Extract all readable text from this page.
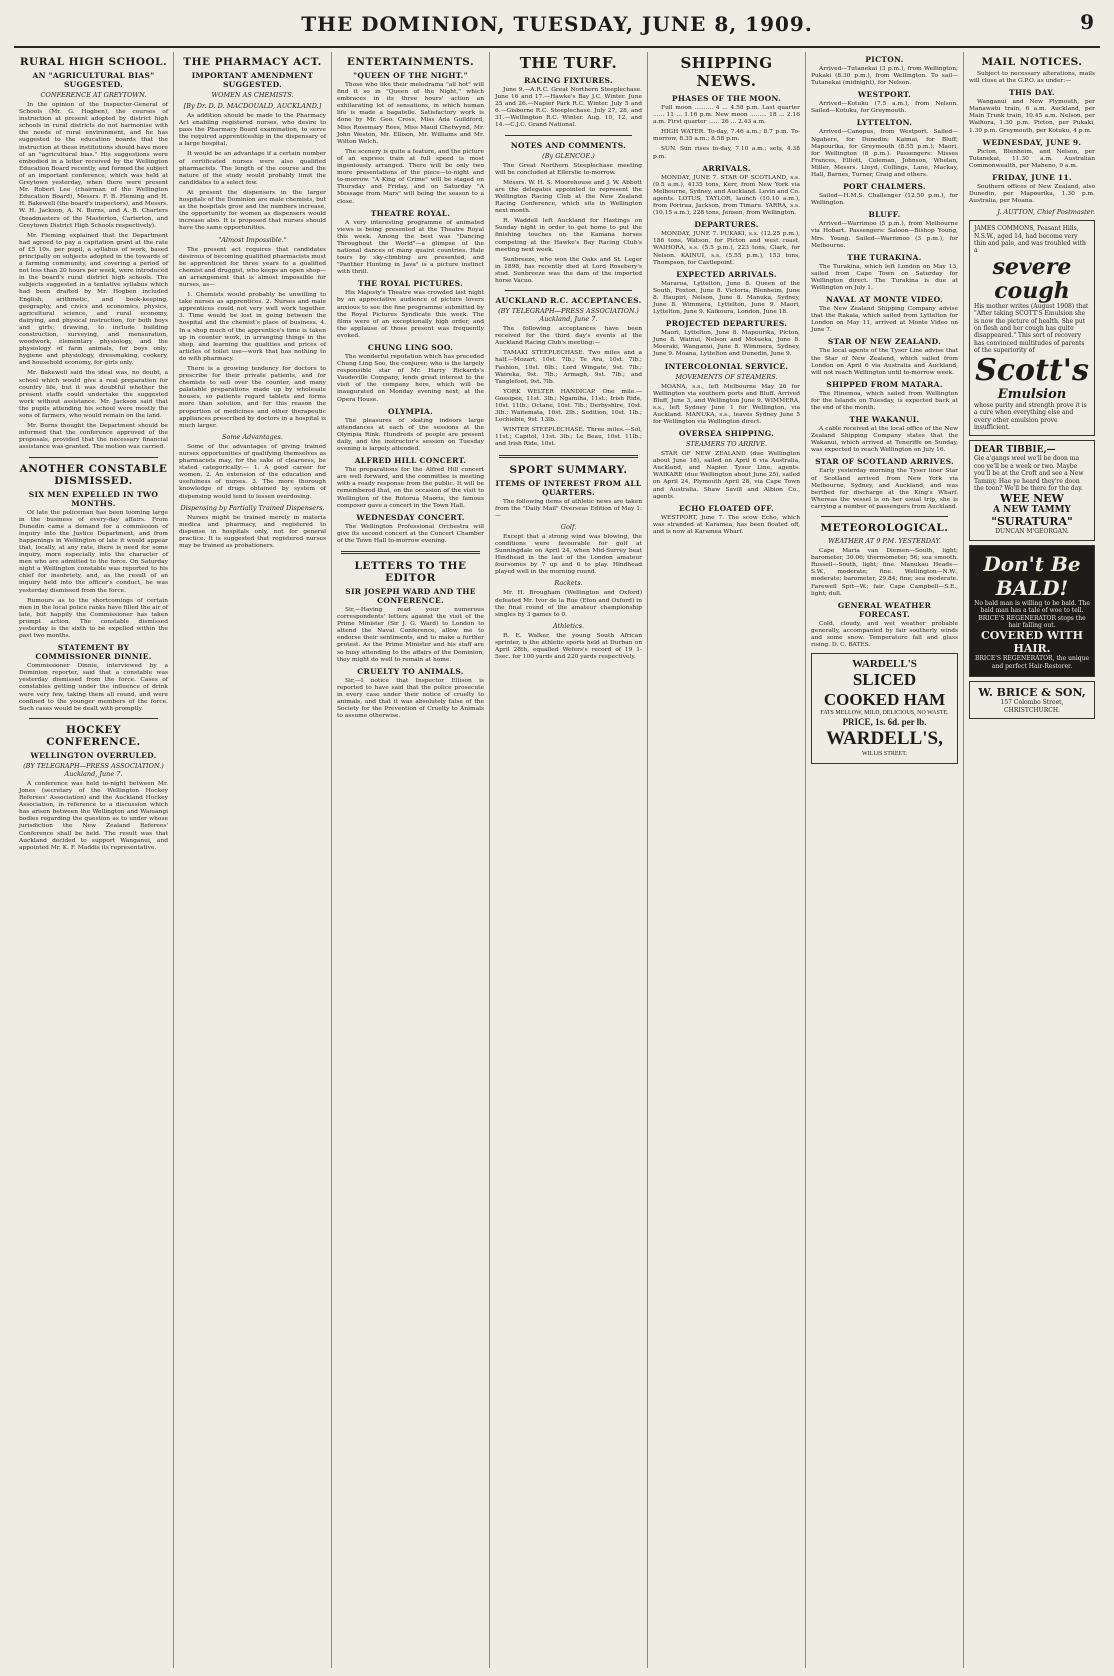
THE DOMINION, TUESDAY, JUNE 8, 1909.	9
RURAL HIGH SCHOOL.
AN "AGRICULTURAL BIAS" SUGGESTED.
CONFERENCE AT GREYTOWN.

In the opinion of the Inspector-General of Schools (Mr. G. Hogben), the courses of instruction at present adopted by district high schools in rural districts do not harmonise with the needs of rural environment, and he has suggested to the education boards that the instruction at these institutions should have more of an "agricultural bias." His suggestions were embodied in a letter received by the Wellington Education Board recently, and formed the subject of an important conference, which was held at Greytown yesterday, when there were present Mr. Robert Lee (chairman of the Wellington Education Board), Messrs. F. B. Fleming and H. H. Bakewell (the board's inspectors), and Messrs. W. H. Jackson, A. N. Burns, and A. B. Charters (headmasters of the Masterton, Carterton, and Greytown District High Schools respectively).

Mr. Fleming explained that the Department had agreed to pay a capitation grant at the rate of £5 10s. per pupil, a syllabus of work, based principally on subjects adopted in the towards of a farming community, and covering a period of not less than 20 hours per week, were introduced in the board's rural district high schools. The subjects suggested in a tentative syllabus which had been drafted by Mr. Hogben included English, arithmetic, and book-keeping, geography, and civics and economics, physics, agricultural science, and rural economy, dairying, and physical instruction, for both boys and girls; drawing, to include building construction, surveying, and mensuration, woodwork, elementary physiology, and the physiology of farm animals, for boys only; hygiene and physiology, dressmaking, cookery, and household economy, for girls only.

Mr. Bakewell said the ideal was, no doubt, a school which would give a real preparation for country life, but it was doubtful whether the present staffs could undertake the suggested work without assistance. Mr. Jackson said that the pupils attending his school were mostly the sons of farmers, who would remain on the land.

Mr. Burns thought the Department should be informed that the conference approved of the proposals, provided that the necessary financial assistance was granted. The motion was carried.

ANOTHER CONSTABLE DISMISSED.
SIX MEN EXPELLED IN TWO MONTHS.

Of late the policeman has been looming large in the business of every-day affairs. From Dunedin came a demand for a commission of inquiry into the Justice Department, and from happenings in Wellington of late it would appear that, locally, at any rate, there is need for some inquiry, more especially into the character of men who are admitted to the force. On Saturday night a Wellington constable was reported to his chief for insobriety, and, as the result of an inquiry held into the officer's conduct, he was yesterday dismissed from the force.

Rumours as to the shortcomings of certain men in the local police ranks have filled the air of late, but happily the Commissioner has taken prompt action. The constable dismissed yesterday is the sixth to be expelled within the past two months.

STATEMENT BY COMMISSIONER DINNIE.

Commissioner Dinnie, interviewed by a Dominion reporter, said that a constable was yesterday dismissed from the force. Cases of constables getting under the influence of drink were very few, taking them all round, and were confined to the younger members of the force. Such cases would be dealt with promptly.

HOCKEY CONFERENCE.
WELLINGTON OVERRULED.
(BY TELEGRAPH—PRESS ASSOCIATION.) Auckland, June 7.

A conference was held to-night between Mr. Jones (secretary of the Wellington Hockey Referees' Association) and the Auckland Hockey Association, in reference to a discussion which has arisen between the Wellington and Waiuangi bodies regarding the question as to under whose jurisdiction the New Zealand Referees' Conference shall be held. The result was that Auckland decided to support Wanganui, and appointed Mr. K. F. Maddis its representative.

THE PHARMACY ACT.
IMPORTANT AMENDMENT SUGGESTED.
WOMEN AS CHEMISTS.
[By Dr. D. D. MACDOUALD, AUCKLAND.]

As addition should be made to the Pharmacy Act enabling registered nurses, who desire to pass the Pharmacy Board examination, to serve the required apprenticeship in the dispensary of a large hospital.

It would be an advantage if a certain number of certificated nurses were also qualified pharmacists. The length of the course and the nature of the study would probably limit the candidates to a select few.

At present the dispensers in the larger hospitals of the Dominion are male chemists, but as the hospitals grow and the numbers increase, the opportunity for women as dispensers would increase also. It is proposed that nurses should have the same opportunities.

"Almost Impossible."

The present act requires that candidates desirous of becoming qualified pharmacists must be apprenticed for three years to a qualified chemist and druggist, who keeps an open shop—an arrangement that is almost impossible for nurses, as—

1. Chemists would probably be unwilling to take nurses as apprentices. 2. Nurses and male apprentices could not very well work together. 3. Time would be lost in going between the hospital and the chemist's place of business. 4. In a shop much of the apprentice's time is taken up in counter work, in arranging things in the shop, and learning the qualities and prices of articles of toilet use—work that has nothing to do with pharmacy.

There is a growing tendency for doctors to prescribe for their private patients, and for chemists to sell over the counter, and many palatable preparations made up by wholesale houses, so patients regard tablets and forms more than solution, and for this reason the proportion of medicines and other therapeutic appliances prescribed by doctors in a hospital is much larger.

Some Advantages.

Some of the advantages of giving trained nurses opportunities of qualifying themselves as pharmacists may, for the sake of clearness, be stated categorically:— 1. A good career for women. 2. An extension of the education and usefulness of nurses. 3. The more thorough knowledge of drugs obtained by system of dispensing would tend to lessen overdosing.

Dispensing by Partially Trained Dispensers.

Nurses might be trained merely in materia medica and pharmacy, and registered to dispense in hospitals only, not for general practice. It is suggested that registered nurses may be trained as probationers.

ENTERTAINMENTS.
"QUEEN OF THE NIGHT."

Those who like their melodrama "all hot" will find it so in "Queen of the Night," which embraces in its three hours' action an exhilarating lot of sensations, in which human life is made a bagatelle. Satisfactory work is done by Mr. Geo. Cross, Miss Ada Guildford, Miss Rosemary Rees, Miss Maud Chetwynd, Mr. John Weston, Mr. Ellison, Mr. Williams and Mr. Wilton Welch.

The scenery is quite a feature, and the picture of an express train at full speed is most ingeniously arranged. There will be only two more presentations of the piece—to-night and to-morrow. "A King of Crime" will be staged on Thursday and Friday, and on Saturday "A Message from Mars" will being the season to a close.

THEATRE ROYAL.

A very interesting programme of animated views is being presented at the Theatre Royal this week. Among the best was "Dancing Throughout the World"—a glimpse of the national dances of many quaint countries. Hale tours by sky-climbing are presented, and "Panther Hunting in Java" is a picture instinct with thrill.

THE ROYAL PICTURES.

His Majesty's Theatre was crowded last night by an appreciative audience of picture lovers anxious to see the fine programme submitted by the Royal Pictures Syndicate this week. The films were of an exceptionally high order, and the applause of those present was frequently evoked.

CHUNG LING SOO.

The wonderful reputation which has preceded Chung Ling Soo, the conjurer, who is the largely responsible star of Mr. Harry Rickards's Vaudeville Company, lends great interest to the visit of the company here, which will be inaugurated on Monday evening next, at the Opera House.

OLYMPIA.

The pleasures of skating indoors large attendances at each of the sessions at the Olympia Rink. Hundreds of people are present daily, and the instructor's session on Tuesday evening is largely attended.

ALFRED HILL CONCERT.

The preparations for the Alfred Hill concert are well forward, and the committee is meeting with a ready response from the public. It will be remembered that, on the occasion of the visit to Wellington of the Rotorua Maoris, the famous composer gave a concert in the Town Hall.

WEDNESDAY CONCERT.

The Wellington Professional Orchestra will give its second concert at the Concert Chamber of the Town Hall to-morrow evening.

LETTERS TO THE EDITOR
SIR JOSEPH WARD AND THE CONFERENCE.

Sir,—Having read your numerous correspondents' letters against the visit of the Prime Minister (Sir J. G. Ward) to London to attend the Naval Conference, allow me to endorse their sentiments, and to make a further protest. As the Prime Minister and his staff are so busy attending to the affairs of the Dominion, they might do well to remain at home.

CRUELTY TO ANIMALS.

Sir,—I notice that Inspector Ellison is reported to have said that the police prosecute in every case under their notice of cruelty to animals, and that it was absolutely false of the Society for the Prevention of Cruelty to Animals to assume otherwise.

THE TURF.
RACING FIXTURES.

June 9.—A.R.C. Great Northern Steeplechase. June 16 and 17.—Hawke's Bay J.C. Winter. June 25 and 26.—Napier Park R.C. Winter. July 5 and 6.—Gisborne R.C. Steeplechase. July 27, 28, and 31.—Wellington R.C. Winter. Aug. 10, 12, and 14.—C.J.C. Grand National.

NOTES AND COMMENTS.
(By GLENCOE.)

The Great Northern Steeplechase meeting will be concluded at Ellerslie to-morrow.

Messrs. W. H. S. Moorehouse and J. W. Abbott are the delegates appointed to represent the Wellington Racing Club at the New Zealand Racing Conference, which sits in Wellington next month.

R. Waddell left Auckland for Hastings on Sunday night in order to get home to put the finishing touches on the Kamana horses competing at the Hawke's Bay Racing Club's meeting next week.

Sunbreeze, who won the Oaks and St. Leger in 1898, has recently died at Lord Rosebery's stud. Sunbreeze was the dam of the imported horse Vacuo.

AUCKLAND R.C. ACCEPTANCES.
(BY TELEGRAPH—PRESS ASSOCIATION.) Auckland, June 7.

The following acceptances have been received for the third day's events at the Auckland Racing Club's meeting:—

TAMAKI STEEPLECHASE. Two miles and a half.—Mozart, 10st. 7lb.; Te Ara, 10st. 7lb.; Fashion, 10st. 6lb.; Lord Wingate, 9st. 7lb.; Waireka, 9st. 7lb.; Armagh, 9st. 7lb.; and Tanglefoot, 9st. 7lb.

YORK WELTER HANDICAP. One mile.—Gossipee, 11st. 3lb.; Ngamiha, 11st.; Irish Ride, 10st. 11lb.; Octane, 10st. 7lb.; Derbyshire, 10st. 3lb.; Waitemata, 10st. 2lb.; Sedition, 10st. 1lb.; Lochiebie, 9st. 13lb.

WINTER STEEPLECHASE. Three miles.—Sol, 11st.; Capitol, 11st. 3lb.; Le Beau, 10st. 11lb.; and Irish Ride, 10st.

SPORT SUMMARY.
ITEMS OF INTEREST FROM ALL QUARTERS.

The following items of athletic news are taken from the "Daily Mail" Overseas Edition of May 1:—

Golf.

Except that a strong wind was blowing, the conditions were favourable for golf at Sunningdale on April 24, when Mid-Surrey beat Hindhead in the last of the London amateur foursomes by 7 up and 6 to play. Hindhead played well in the morning round.

Rackets.

Mr. H. Brougham (Wellington and Oxford) defeated Mr. Ivor de la Rue (Eton and Oxford) in the final round of the amateur championship singles by 3 games to 0.

Athletics.

R. E. Walker, the young South African sprinter, is the athletic sports held at Durban on April 28th, equalled Wefers's record of 19 1-5sec. for 100 yards and 220 yards respectively.

SHIPPING NEWS.
PHASES OF THE MOON.

Full moon .......... 4 ... 4.58 p.m. Last quarter ...... 11 ... 1.16 p.m. New moon ......... 18 ... 2.16 a.m. First quarter ...... 26 ... 2.43 a.m.

HIGH WATER. To-day, 7.46 a.m.; 8.7 p.m. To-morrow, 8.35 a.m.; 8.58 p.m.

SUN. Sun rises to-day, 7.10 a.m.; sets, 4.38 p.m.

ARRIVALS.

MONDAY, JUNE 7. STAR OF SCOTLAND, s.s. (9.5 a.m.), 4135 tons, Kerr, from New York via Melbourne, Sydney, and Auckland. Levin and Co. agents. LOTUS, TAYLOR, launch (10.10 a.m.), from Porirua, Jackson, from Timaru. YARRA, s.s. (10.15 a.m.), 228 tons, Jensen, from Wellington.

DEPARTURES.

MONDAY, JUNE 7. PUKAKI, s.s. (12.25 p.m.), 186 tons, Watson, for Picton and west coast. WAIHORA, s.s. (5.5 p.m.), 223 tons, Clark, for Nelson. KAINUI, s.s. (5.55 p.m.), 153 tons, Thompson, for Castlepoint.

EXPECTED ARRIVALS.

Mararoa, Lyttelton, June 8. Queen of the South, Foxton, June 8. Victoria, Blenheim, June 8. Haupiri, Nelson, June 8. Manuka, Sydney, June 8. Wimmera, Lyttelton, June 9. Maori, Lyttelton, June 9. Kaikoura, London, June 18.

PROJECTED DEPARTURES.

Maori, Lyttelton, June 8. Mapourika, Picton, June 8. Wainui, Nelson and Motueka, June 8. Moeraki, Wanganui, June 8. Wimmera, Sydney, June 9. Moana, Lyttelton and Dunedin, June 9.

INTERCOLONIAL SERVICE.
MOVEMENTS OF STEAMERS.

MOANA, s.s., left Melbourne May 26 for Wellington via southern ports and Bluff. Arrived Bluff, June 3, and Wellington June 9. WIMMERA, s.s., left Sydney June 1 for Wellington, via Auckland. MANUKA, s.s., leaves Sydney June 5 for Wellington via Wellington direct.

OVERSEA SHIPPING.
STEAMERS TO ARRIVE.

STAR OF NEW ZEALAND (due Wellington about June 18), sailed on April 6 via Australia, Auckland, and Napier. Tyser Line, agents. WAIKARE (due Wellington about June 25), sailed on April 24, Plymouth April 28, via Cape Town and Australia. Shaw Savill and Albion Co., agents.

ECHO FLOATED OFF.

WESTPORT, June 7. The scow Echo, which was stranded at Karamea, has been floated off, and is now at Karamea Wharf.

PICTON.

Arrived—Tutanekai (3 p.m.), from Wellington; Pukaki (8.30 p.m.), from Wellington. To sail—Tutanekai (midnight), for Nelson.

WESTPORT.

Arrived—Kotuku (7.5 a.m.), from Nelson. Sailed—Kotuku, for Greymouth.

LYTTELTON.

Arrived—Canopus, from Westport. Sailed—Ngahere, for Dunedin; Kaimai, for Bluff; Mapourika, for Greymouth (8.55 p.m.); Maori, for Wellington (8 p.m.). Passengers: Misses Frances, Elliott, Coleman, Johnson, Whelan, Miller, Messrs. Lloyd, Collings, Lane, Mackay, Hall, Barnes, Turner, Craig and others.

PORT CHALMERS.

Sailed—H.M.S. Challenger (12.50 p.m.), for Wellington.

BLUFF.

Arrived—Warrimoo (5 p.m.), from Melbourne via Hobart. Passengers: Saloon—Bishop Young, Mrs. Young. Sailed—Warrimoo (3 p.m.), for Melbourne.

THE TURAKINA.

The Turakina, which left London on May 13, sailed from Cape Town on Saturday for Wellington direct. The Turakina is due at Wellington on July 1.

NAVAL AT MONTE VIDEO.

The New Zealand Shipping Company advise that the Rakaia, which sailed from Lyttelton for London on May 11, arrived at Monte Video on June 7.

STAR OF NEW ZEALAND.

The local agents of the Tyser Line advise that the Star of New Zealand, which sailed from London on April 6 via Australia and Auckland, will not reach Wellington until to-morrow week.

SHIPPED FROM MATARA.

The Hinemoa, which sailed from Wellington for the Islands on Tuesday, is expected back at the end of the month.

THE WAKANUI.

A cable received at the local office of the New Zealand Shipping Company states that the Wakanui, which arrived at Teneriffe on Sunday, was expected to reach Wellington on July 16.

STAR OF SCOTLAND ARRIVES.

Early yesterday morning the Tyser liner Star of Scotland arrived from New York via Melbourne, Sydney, and Auckland, and was berthed for discharge at the King's Wharf. Whereas the vessel is on her usual trip, she is carrying a number of passengers from Auckland.

METEOROLOGICAL.
WEATHER AT 9 P.M. YESTERDAY.

Cape Maria van Diemen—South, light; barometer, 30.06; thermometer, 56; sea smooth. Russell—South, light; fine. Manukau Heads—S.W., moderate; fine. Wellington—N.W., moderate; barometer, 29.84; fine; sea moderate. Farewell Spit—W.; fair. Cape Campbell—S.E., light; dull.

GENERAL WEATHER FORECAST.

Cold, cloudy, and wet weather probable generally, accompanied by fair southerly winds and some snow. Temperature fall and glass rising. D. C. BATES.

WARDELL'S
SLICED COOKED HAM
FATS MELLOW, MILD, DELICIOUS, NO WASTE.
PRICE, 1s. 6d. per lb.
WARDELL'S,
WILLIS STREET.
MAIL NOTICES.

Subject to necessary alterations, mails will close at the G.P.O. as under:—

THIS DAY.

Wanganui and New Plymouth, per Manawatu train, 6 a.m. Auckland, per Main Trunk train, 10.45 a.m. Nelson, per Waihora, 1.30 p.m. Picton, per Pukaki, 1.30 p.m. Greymouth, per Kotuku, 4 p.m.

WEDNESDAY, JUNE 9.

Picton, Blenheim, and Nelson, per Tutanekai, 11.30 a.m. Australian Commonwealth, per Maheno, 9 a.m.

FRIDAY, JUNE 11.

Southern offices of New Zealand, also Dunedin, per Mapourika, 1.30 p.m. Australia, per Moana.

J. AUTTON, Chief Postmaster.
JAMES COMMONS, Peasant Hills, N.S.W., aged 14, had become very thin and pale, and was troubled with a
severe cough
His mother writes (August 1908) that "After taking SCOTT'S Emulsion she is now the picture of health. She put on flesh and her cough has quite disappeared." This sort of recovery has convinced multitudes of parents of the superiority of
Scott's
Emulsion
whose purity and strength prove it is a cure when everything else and every other emulsion prove insufficient.
DEAR TIBBIE,—
Gie a'gangs weel we'll be doon ma coo ye'll be a week or two. Maybe you'll be at the Croft and see a New Tammy. Hae ye heard they're doon the toon? We'll be there for the day.
WEE NEW
A NEW TAMMY
"SURATURA"
DUNCAN M'GEORGAN.
Don't Be BALD!
No bald man is willing to be bald. The bald man has a tale of woe to tell. BRICE'S REGENERATOR stops the hair falling out.
COVERED WITH HAIR.
BRICE'S REGENERATOR, the unique and perfect Hair-Restorer.
W. BRICE & SON,
157 Colombo Street, CHRISTCHURCH.
